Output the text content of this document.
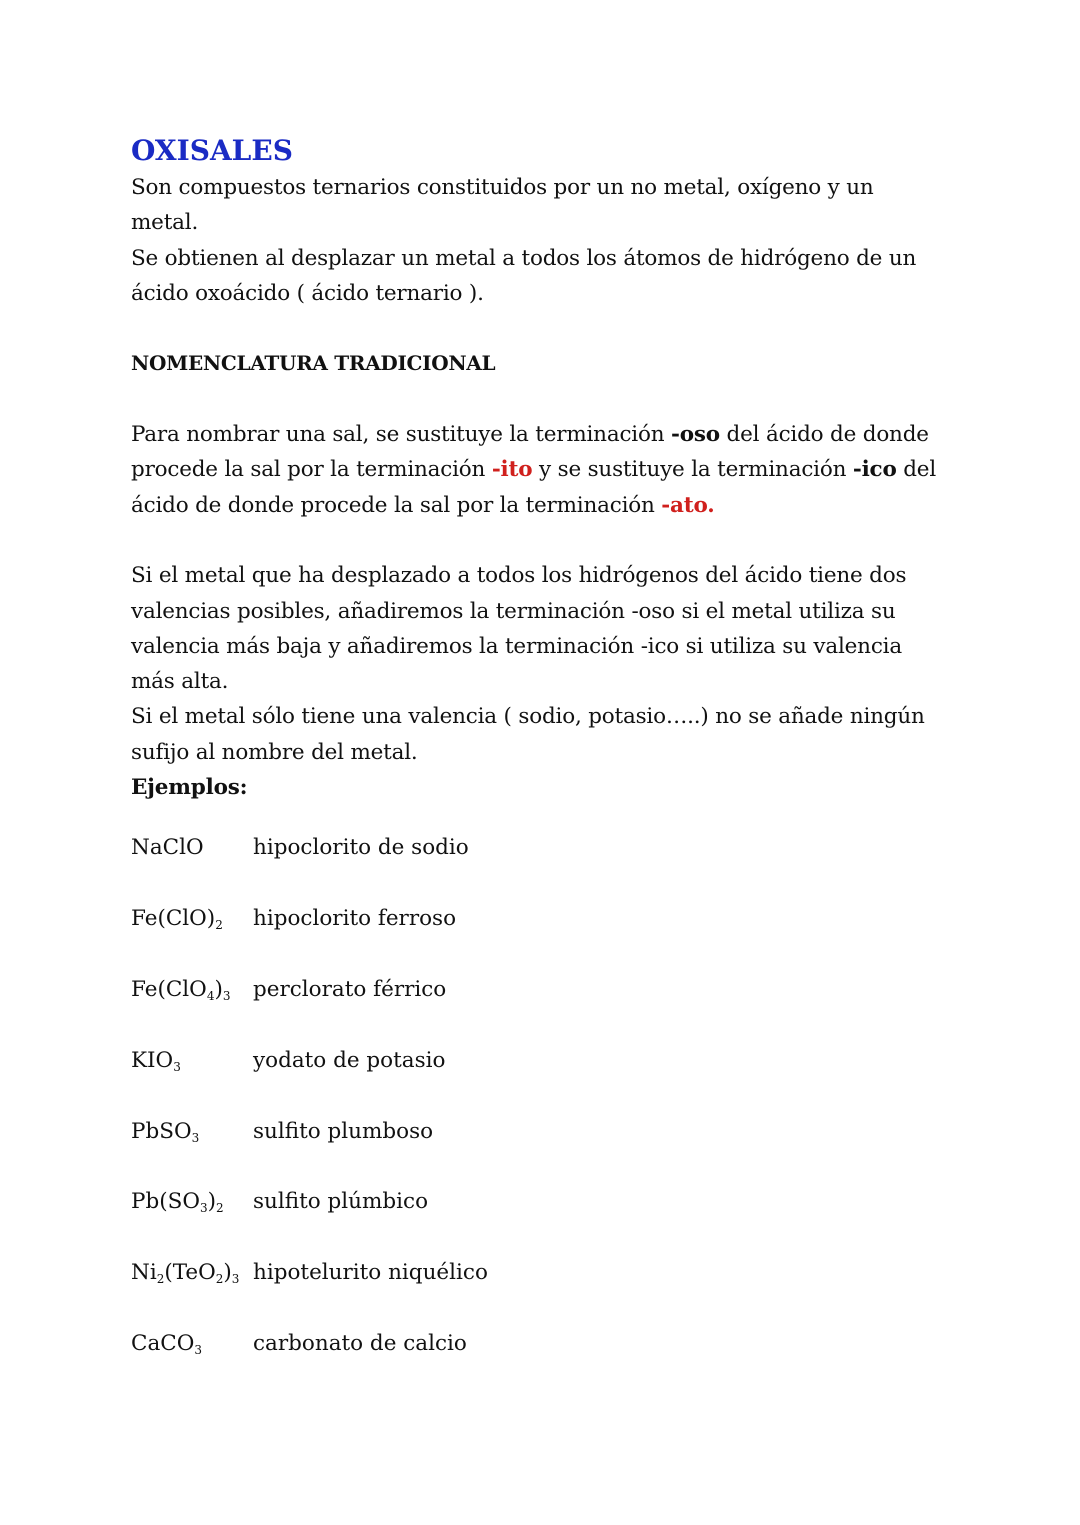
OXISALES

Son compuestos ternarios constituidos por un no metal, oxígeno y un

metal.

Se obtienen al desplazar un metal a todos los átomos de hidrógeno de un

ácido oxoácido ( ácido ternario ).

NOMENCLATURA TRADICIONAL

Para nombrar una sal, se sustituye la terminación -oso del ácido de donde

procede la sal por la terminación -ito y se sustituye la terminación -ico del

ácido de donde procede la sal por la terminación -ato.

Si el metal que ha desplazado a todos los hidrógenos del ácido tiene dos

valencias posibles, añadiremos la terminación -oso si el metal utiliza su

valencia más baja y añadiremos la terminación -ico si utiliza su valencia

más alta.

Si el metal sólo tiene una valencia ( sodio, potasio…..) no se añade ningún

sufijo al nombre del metal.

Ejemplos:

NaClO	hipoclorito de sodio
$Fe(ClO)_2$	hipoclorito ferroso
$Fe(ClO_4)_3$	perclorato férrico
$KIO_3$	yodato de potasio
PbSO$_3$	sulfito plumboso
$Pb(SO_3)_2$	sulfito plúmbico
$Ni_2(TeO_2)_3$ hipotelurito niquélico
CaCO$_3$	carbonato de calcio
